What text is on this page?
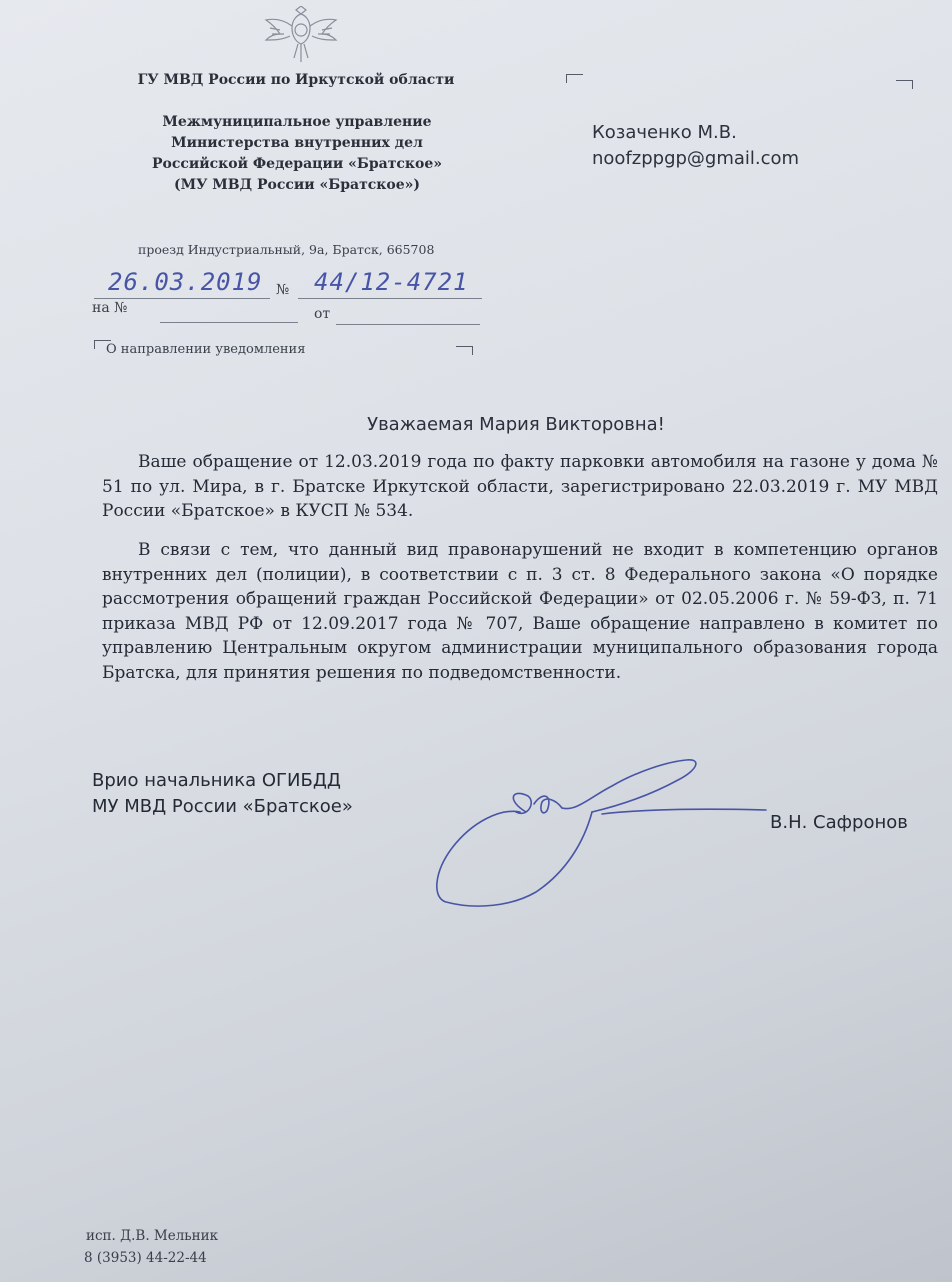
ГУ МВД России по Иркутской области
Межмуниципальное управление
Министерства внутренних дел
Российской Федерации «Братское»
(МУ МВД России «Братское»)
проезд Индустриальный, 9а, Братск, 665708
26.03.2019 № 44/12-4721
на №	от
О направлении уведомления
Козаченко М.В.
noofzppgp@gmail.com
Уважаемая Мария Викторовна!
Ваше обращение от 12.03.2019 года по факту парковки автомобиля на газоне у дома № 51 по ул. Мира, в г. Братске Иркутской области, зарегистрировано 22.03.2019 г. МУ МВД России «Братское» в КУСП № 534.
В связи с тем, что данный вид правонарушений не входит в компетенцию органов внутренних дел (полиции), в соответствии с п. 3 ст. 8 Федерального закона «О порядке рассмотрения обращений граждан Российской Федерации» от 02.05.2006 г. № 59-ФЗ, п. 71 приказа МВД РФ от 12.09.2017 года № 707, Ваше обращение направлено в комитет по управлению Центральным округом администрации муниципального образования города Братска, для принятия решения по подведомственности.
Врио начальника ОГИБДД
МУ МВД России «Братское»
В.Н. Сафронов
исп. Д.В. Мельник
8 (3953) 44-22-44
